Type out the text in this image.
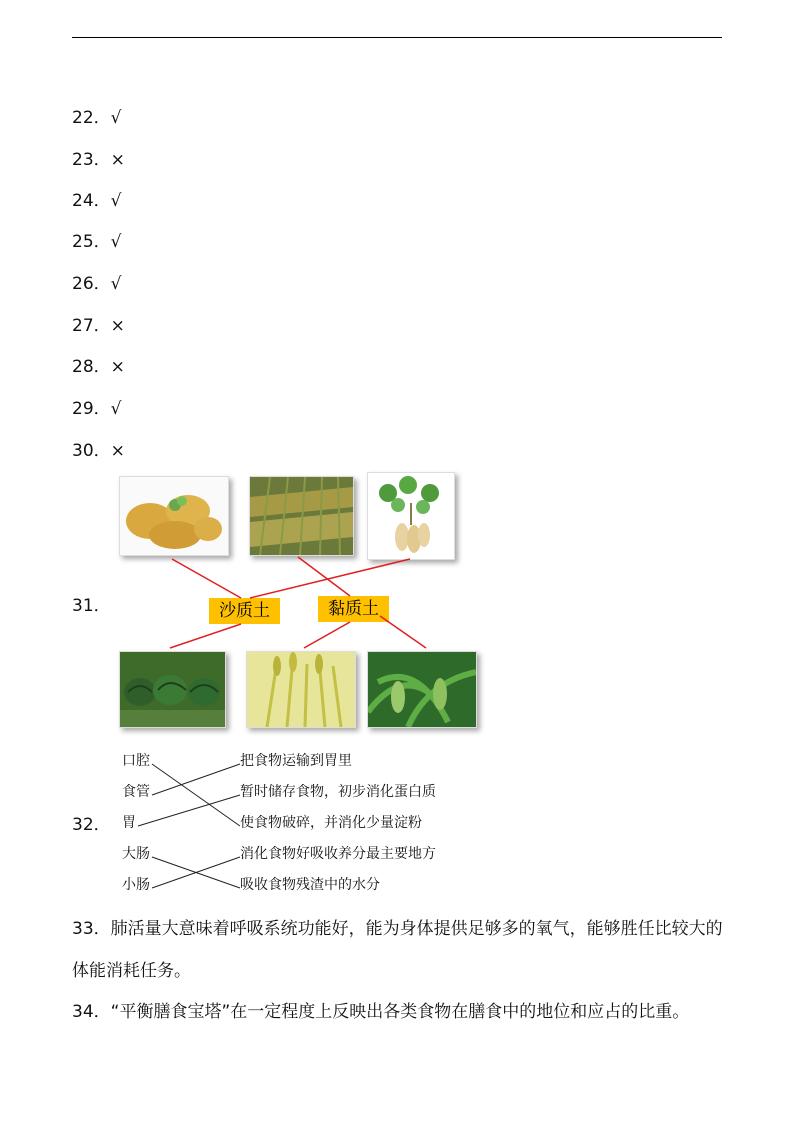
22．√
23．×
24．√
25．√
26．√
27．×
28．×
29．√
30．×
31．	沙质土	黏质土
32．
口腔
食管
胃
大肠
小肠
把食物运输到胃里
暂时储存食物，初步消化蛋白质
使食物破碎，并消化少量淀粉
消化食物好吸收养分最主要地方
吸收食物残渣中的水分
33．肺活量大意味着呼吸系统功能好，能为身体提供足够多的氧气，能够胜任比较大的体能消耗任务。
34．“平衡膳食宝塔”在一定程度上反映出各类食物在膳食中的地位和应占的比重。
